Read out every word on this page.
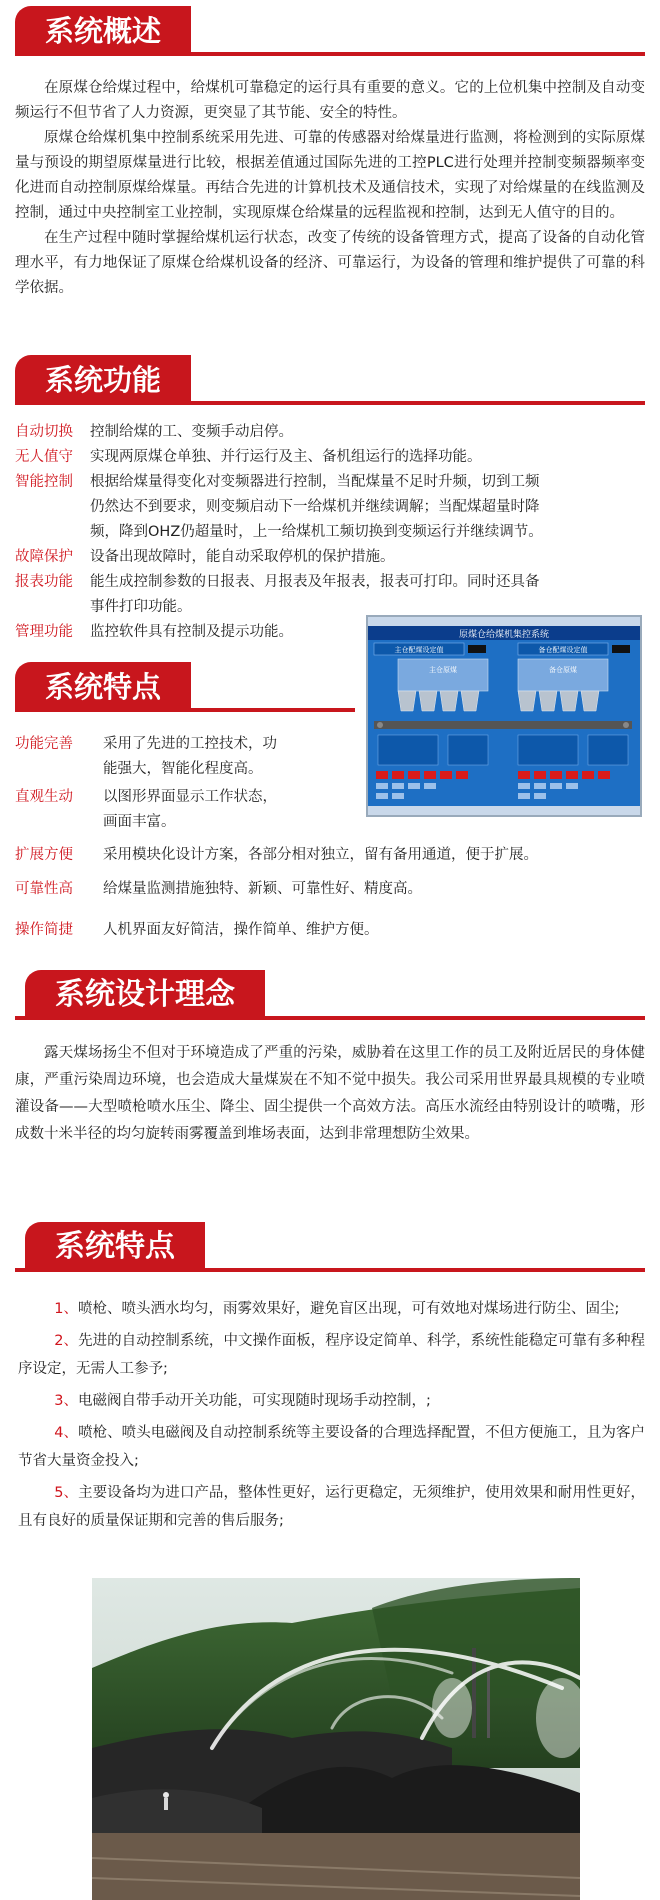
系统概述

在原煤仓给煤过程中，给煤机可靠稳定的运行具有重要的意义。它的上位机集中控制及自动变频运行不但节省了人力资源，更突显了其节能、安全的特性。

原煤仓给煤机集中控制系统采用先进、可靠的传感器对给煤量进行监测，将检测到的实际原煤量与预设的期望原煤量进行比较，根据差值通过国际先进的工控PLC进行处理并控制变频器频率变化进而自动控制原煤给煤量。再结合先进的计算机技术及通信技术，实现了对给煤量的在线监测及控制，通过中央控制室工业控制，实现原煤仓给煤量的远程监视和控制，达到无人值守的目的。

在生产过程中随时掌握给煤机运行状态，改变了传统的设备管理方式，提高了设备的自动化管理水平，有力地保证了原煤仓给煤机设备的经济、可靠运行，为设备的管理和维护提供了可靠的科学依据。

系统功能
自动切换 控制给煤的工、变频手动启停。
无人值守 实现两原煤仓单独、并行运行及主、备机组运行的选择功能。
智能控制 根据给煤量得变化对变频器进行控制，当配煤量不足时升频，切到工频
仍然达不到要求，则变频启动下一给煤机并继续调解；当配煤超量时降
频，降到OHZ仍超量时，上一给煤机工频切换到变频运行并继续调节。
故障保护 设备出现故障时，能自动采取停机的保护措施。
报表功能 能生成控制参数的日报表、月报表及年报表，报表可打印。同时还具备
事件打印功能。
管理功能 监控软件具有控制及提示功能。	原煤仓给煤机集控系统
主仓配煤设定值	备仓配煤设定值
主仓原煤	备仓原煤
系统特点
功能完善 采用了先进的工控技术，功
能强大，智能化程度高。
直观生动 以图形界面显示工作状态，
画面丰富。
扩展方便 采用模块化设计方案，各部分相对独立，留有备用通道，便于扩展。
可靠性高 给煤量监测措施独特、新颖、可靠性好、精度高。
操作简捷 人机界面友好简洁，操作简单、维护方便。
系统设计理念

露天煤场扬尘不但对于环境造成了严重的污染，威胁着在这里工作的员工及附近居民的身体健康，严重污染周边环境，也会造成大量煤炭在不知不觉中损失。我公司采用世界最具规模的专业喷灌设备——大型喷枪喷水压尘、降尘、固尘提供一个高效方法。高压水流经由特别设计的喷嘴，形成数十米半径的均匀旋转雨雾覆盖到堆场表面，达到非常理想防尘效果。

系统特点

1、喷枪、喷头洒水均匀，雨雾效果好，避免盲区出现，可有效地对煤场进行防尘、固尘;

2、先进的自动控制系统，中文操作面板，程序设定简单、科学，系统性能稳定可靠有多种程序设定，无需人工参予;

3、电磁阀自带手动开关功能，可实现随时现场手动控制，;

4、喷枪、喷头电磁阀及自动控制系统等主要设备的合理选择配置，不但方便施工，且为客户节省大量资金投入;

5、主要设备均为进口产品，整体性更好，运行更稳定，无须维护，使用效果和耐用性更好，且有良好的质量保证期和完善的售后服务;
